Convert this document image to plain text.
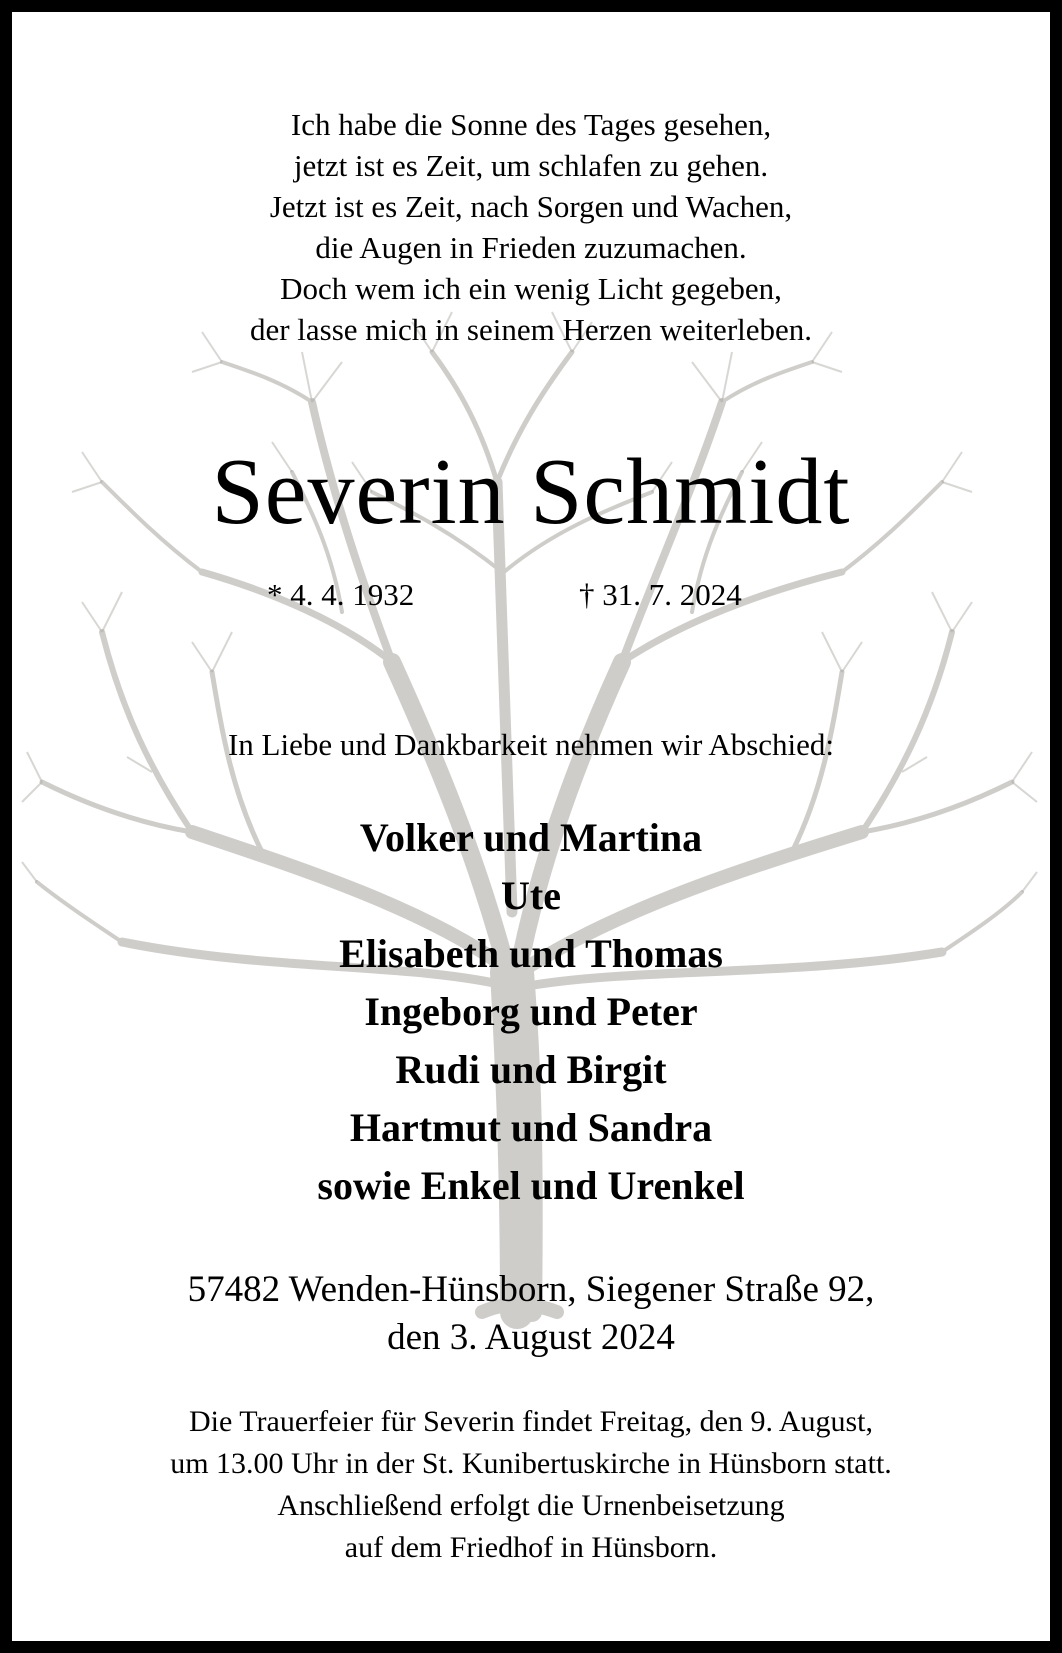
Ich habe die Sonne des Tages gesehen,
jetzt ist es Zeit, um schlafen zu gehen.
Jetzt ist es Zeit, nach Sorgen und Wachen,
die Augen in Frieden zuzumachen.
Doch wem ich ein wenig Licht gegeben,
der lasse mich in seinem Herzen weiterleben.
Severin Schmidt
* 4. 4. 1932	† 31. 7. 2024
In Liebe und Dankbarkeit nehmen wir Abschied:
Volker und Martina
Ute
Elisabeth und Thomas
Ingeborg und Peter
Rudi und Birgit
Hartmut und Sandra
sowie Enkel und Urenkel
57482 Wenden-Hünsborn, Siegener Straße 92,
den 3. August 2024
Die Trauerfeier für Severin findet Freitag, den 9. August,
um 13.00 Uhr in der St. Kunibertuskirche in Hünsborn statt.
Anschließend erfolgt die Urnenbeisetzung
auf dem Friedhof in Hünsborn.
